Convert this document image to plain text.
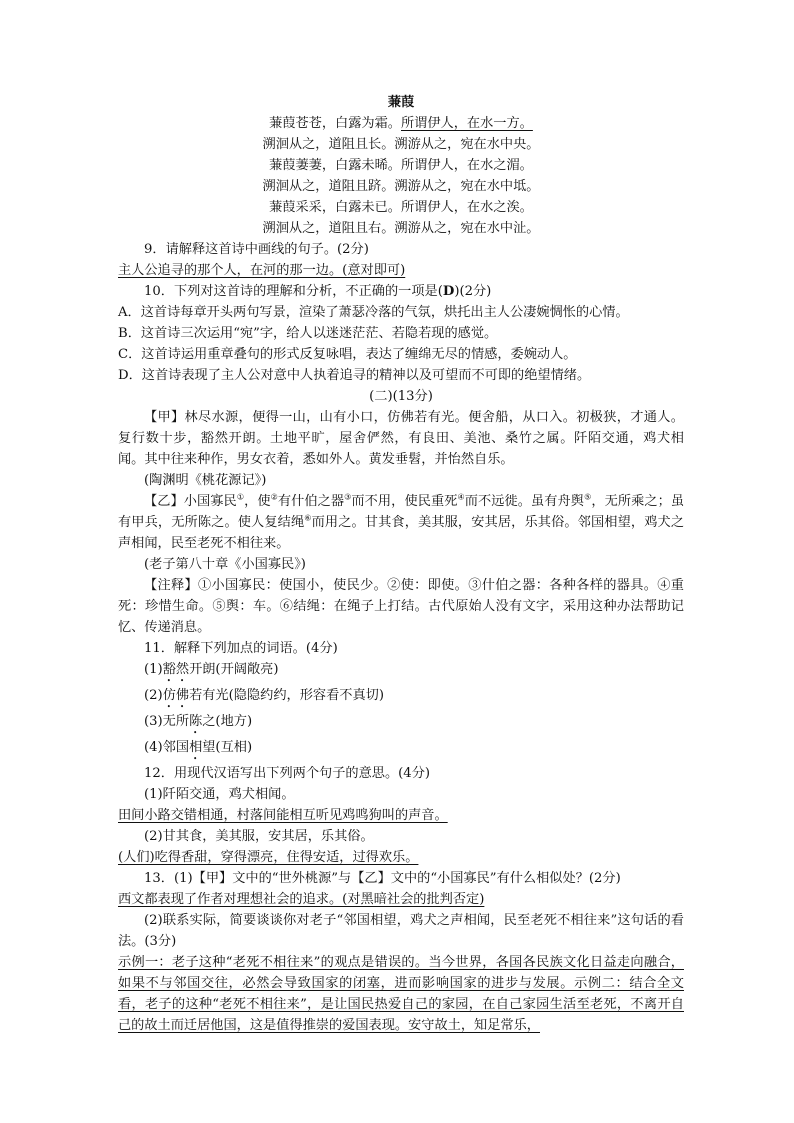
蒹葭
蒹葭苍苍，白露为霜。所谓伊人，在水一方。
溯洄从之，道阻且长。溯游从之，宛在水中央。
蒹葭萋萋，白露未晞。所谓伊人，在水之湄。
溯洄从之，道阻且跻。溯游从之，宛在水中坻。
蒹葭采采，白露未已。所谓伊人，在水之涘。
溯洄从之，道阻且右。溯游从之，宛在水中沚。
9．请解释这首诗中画线的句子。(2分)
主人公追寻的那个人，在河的那一边。(意对即可)
10．下列对这首诗的理解和分析，不正确的一项是(D)(2分)
A．这首诗每章开头两句写景，渲染了萧瑟冷落的气氛，烘托出主人公凄婉惆怅的心情。
B．这首诗三次运用“宛”字，给人以迷迷茫茫、若隐若现的感觉。
C．这首诗运用重章叠句的形式反复咏唱，表达了缠绵无尽的情感，委婉动人。
D．这首诗表现了主人公对意中人执着追寻的精神以及可望而不可即的绝望情绪。
(二)(13分)
【甲】林尽水源，便得一山，山有小口，仿佛若有光。便舍船，从口入。初极狭，才通人。复行数十步，豁然开朗。土地平旷，屋舍俨然，有良田、美池、桑竹之属。阡陌交通，鸡犬相闻。其中往来种作，男女衣着，悉如外人。黄发垂髫，并怡然自乐。
(陶渊明《桃花源记》)
【乙】小国寡民①，使②有什伯之器③而不用，使民重死④而不远徙。虽有舟舆⑤，无所乘之；虽有甲兵，无所陈之。使人复结绳⑥而用之。甘其食，美其服，安其居，乐其俗。邻国相望，鸡犬之声相闻，民至老死不相往来。
(老子第八十章《小国寡民》)
【注释】①小国寡民：使国小，使民少。②使：即使。③什伯之器：各种各样的器具。④重死：珍惜生命。⑤舆：车。⑥结绳：在绳子上打结。古代原始人没有文字，采用这种办法帮助记忆、传递消息。
11．解释下列加点的词语。(4分)
(1)豁然开朗(开阔敞亮)
(2)仿佛若有光(隐隐约约，形容看不真切)
(3)无所陈之(地方)
(4)邻国相望(互相)
12．用现代汉语写出下列两个句子的意思。(4分)
(1)阡陌交通，鸡犬相闻。
田间小路交错相通，村落间能相互听见鸡鸣狗叫的声音。
(2)甘其食，美其服，安其居，乐其俗。
(人们)吃得香甜，穿得漂亮，住得安适，过得欢乐。
13．(1)【甲】文中的“世外桃源”与【乙】文中的“小国寡民”有什么相似处？(2分)
西文都表现了作者对理想社会的追求。(对黑暗社会的批判否定)
(2)联系实际，简要谈谈你对老子“邻国相望，鸡犬之声相闻，民至老死不相往来”这句话的看法。(3分)
示例一：老子这种“老死不相往来”的观点是错误的。当今世界，各国各民族文化日益走向融合，如果不与邻国交往，必然会导致国家的闭塞，进而影响国家的进步与发展。示例二：结合全文看，老子的这种“老死不相往来”，是让国民热爱自己的家园，在自己家园生活至老死，不离开自己的故土而迁居他国，这是值得推崇的爱国表现。安守故土，知足常乐，
